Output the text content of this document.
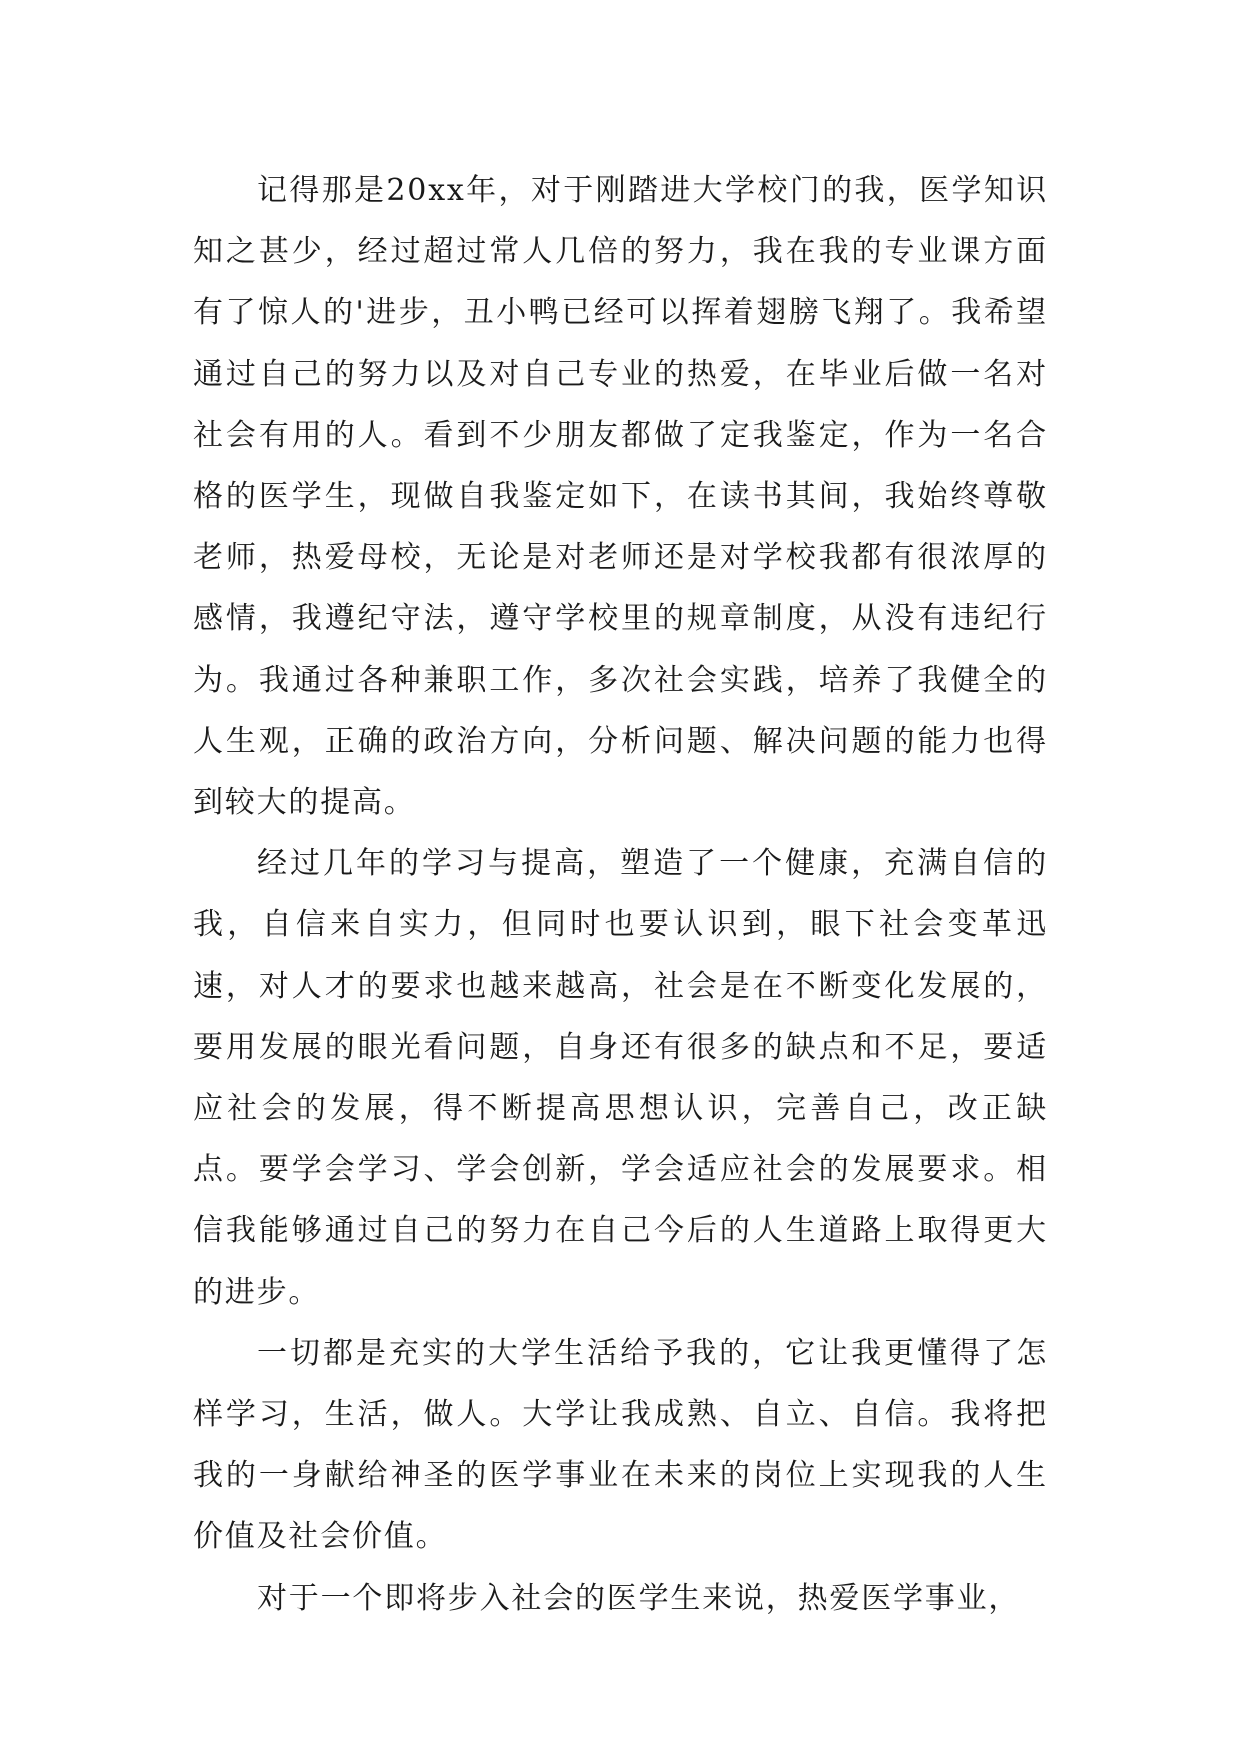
记得那是20xx年，对于刚踏进大学校门的我，医学知识知之甚少，经过超过常人几倍的努力，我在我的专业课方面有了惊人的'进步，丑小鸭已经可以挥着翅膀飞翔了。我希望通过自己的努力以及对自己专业的热爱，在毕业后做一名对社会有用的人。看到不少朋友都做了定我鉴定，作为一名合格的医学生，现做自我鉴定如下，在读书其间，我始终尊敬老师，热爱母校，无论是对老师还是对学校我都有很浓厚的感情，我遵纪守法，遵守学校里的规章制度，从没有违纪行为。我通过各种兼职工作，多次社会实践，培养了我健全的人生观，正确的政治方向，分析问题、解决问题的能力也得到较大的提高。

经过几年的学习与提高，塑造了一个健康，充满自信的我，自信来自实力，但同时也要认识到，眼下社会变革迅速，对人才的要求也越来越高，社会是在不断变化发展的，要用发展的眼光看问题，自身还有很多的缺点和不足，要适应社会的发展，得不断提高思想认识，完善自己，改正缺点。要学会学习、学会创新，学会适应社会的发展要求。相信我能够通过自己的努力在自己今后的人生道路上取得更大的进步。

一切都是充实的大学生活给予我的，它让我更懂得了怎样学习，生活，做人。大学让我成熟、自立、自信。我将把我的一身献给神圣的医学事业在未来的岗位上实现我的人生价值及社会价值。

对于一个即将步入社会的医学生来说，热爱医学事业，
